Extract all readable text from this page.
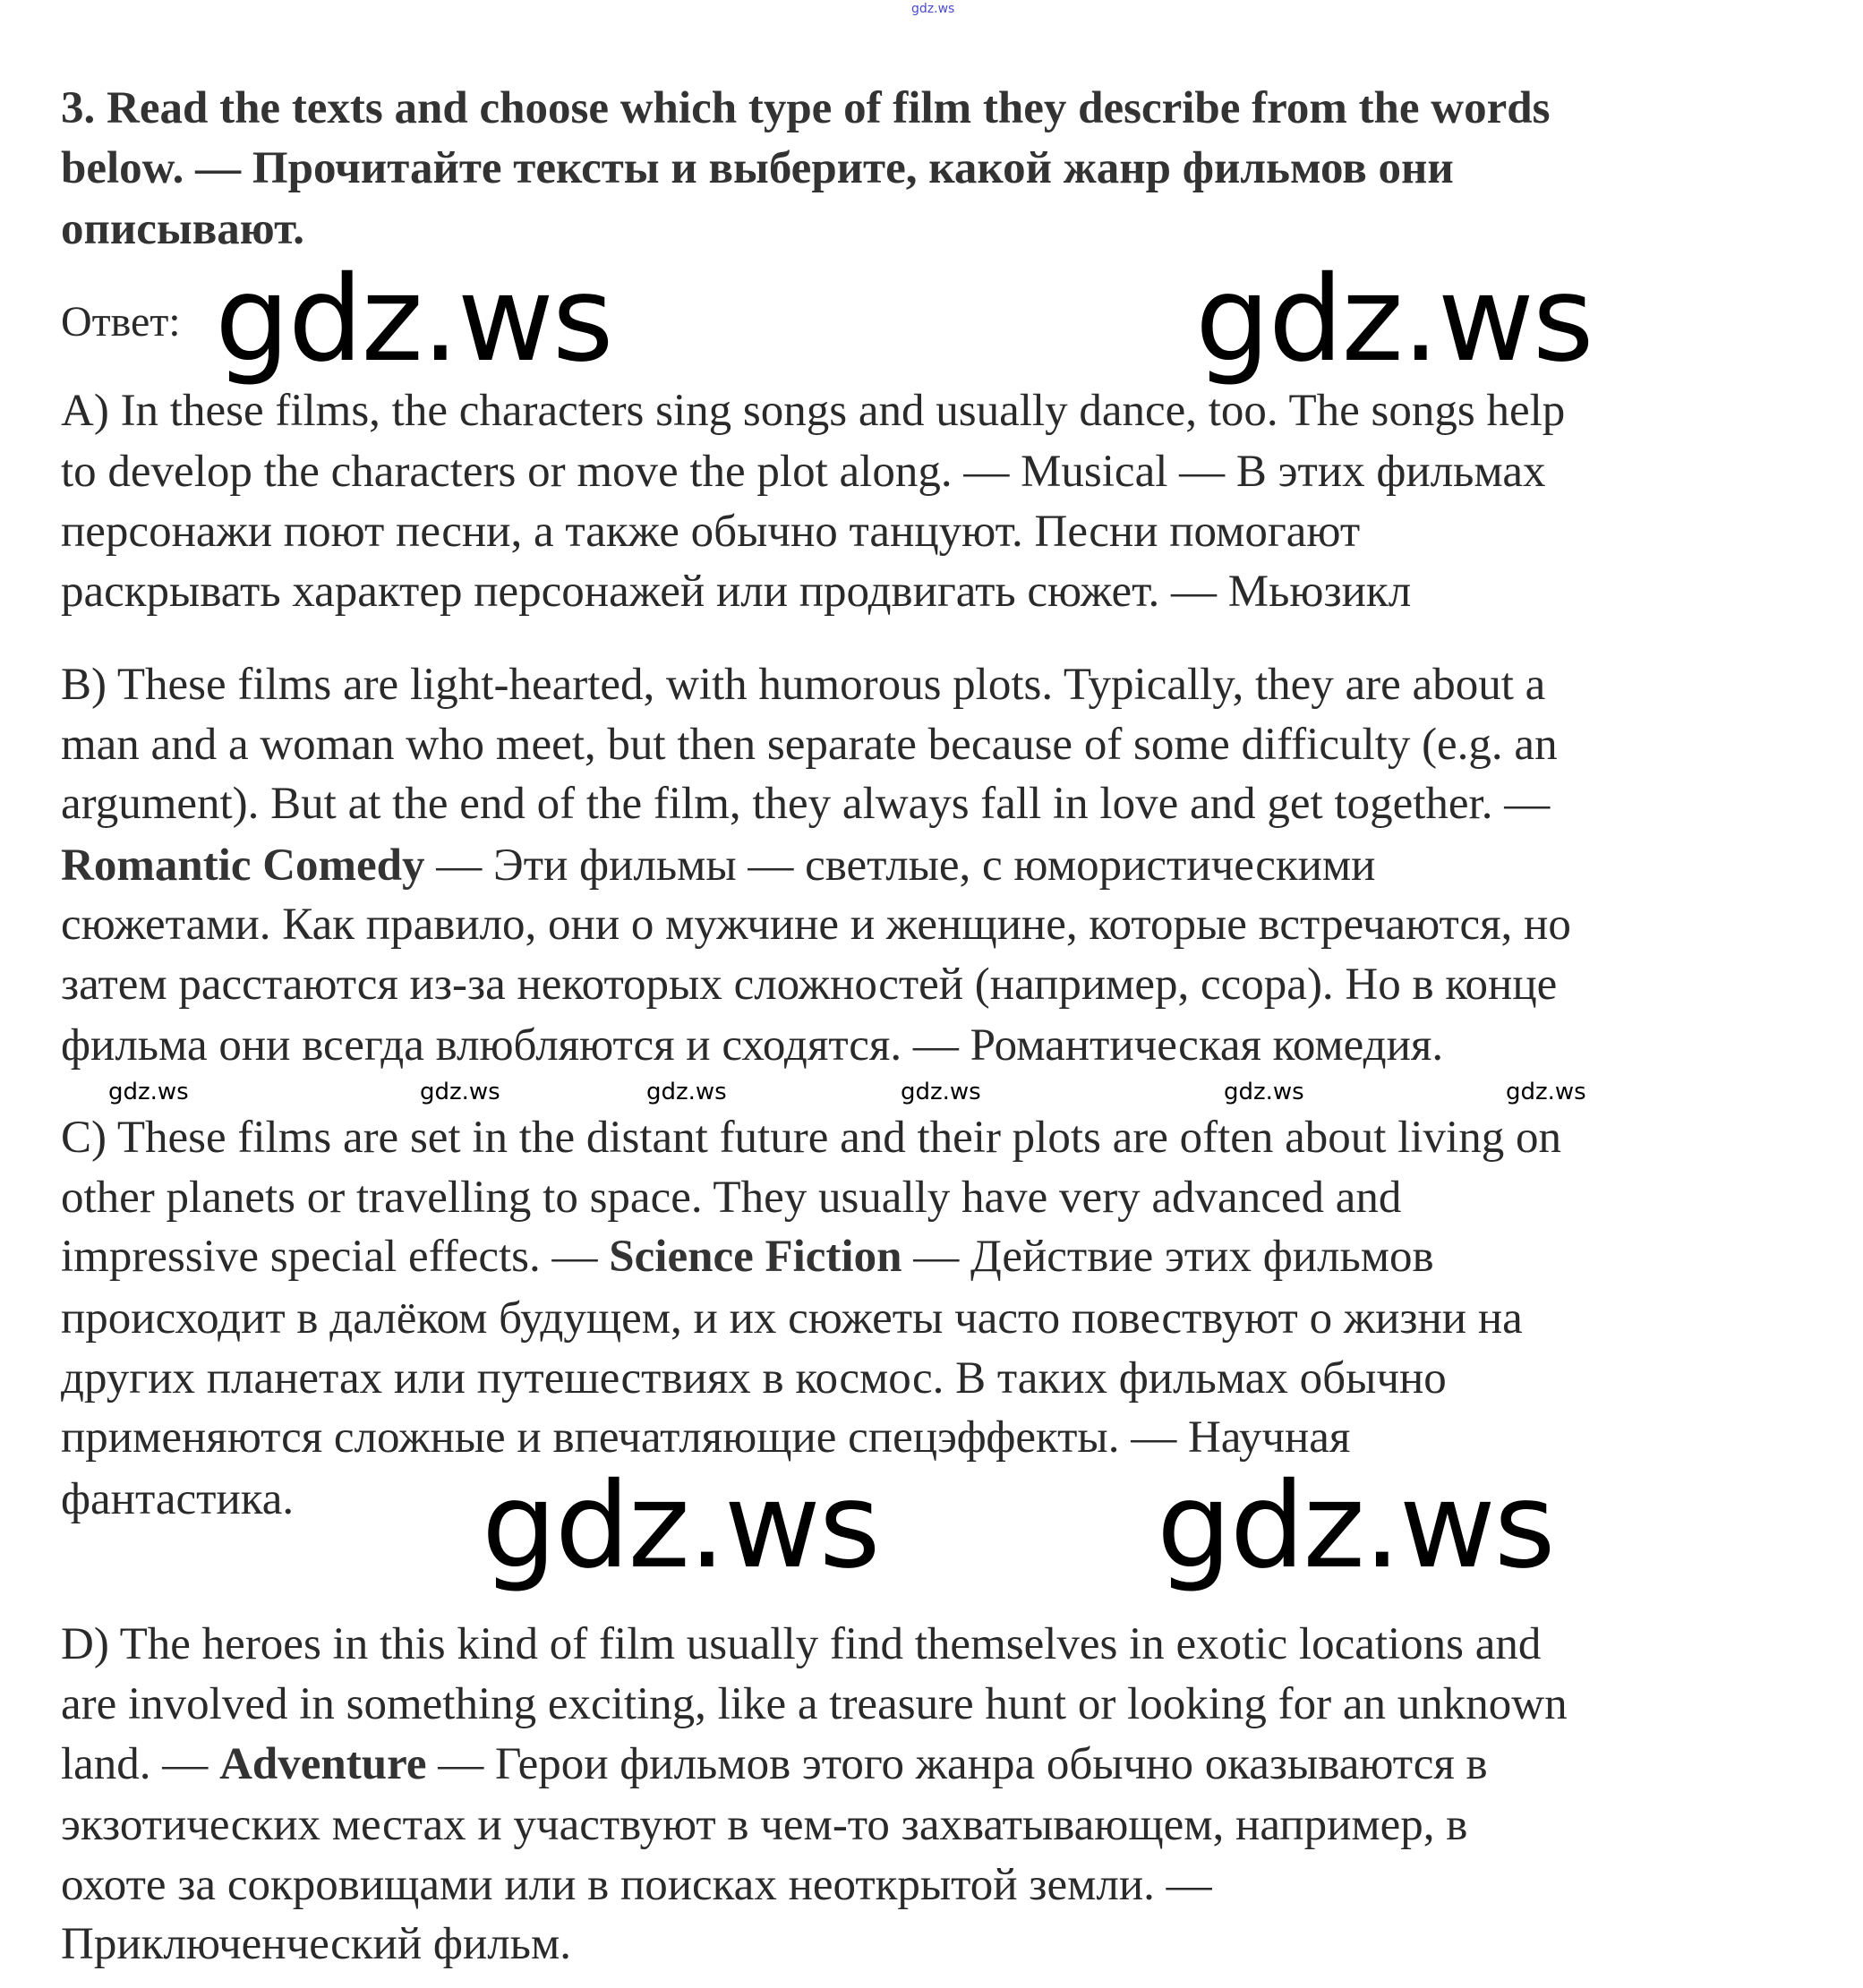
gdz.ws
3. Read the texts and choose which type of film they describe from the words
below. — Прочитайте тексты и выберите, какой жанр фильмов они
описывают.
Ответ: gdz.ws	gdz.ws
gdz.ws gdz.ws
gdz.ws	gdz.ws	gdz.ws	gdz.ws	gdz.ws	gdz.ws
A) In these films, the characters sing songs and usually dance, too. The songs help
to develop the characters or move the plot along. — Musical — В этих фильмах
персонажи поют песни, а также обычно танцуют. Песни помогают
раскрывать характер персонажей или продвигать сюжет. — Мьюзикл
B) These films are light-hearted, with humorous plots. Typically, they are about a
man and a woman who meet, but then separate because of some difficulty (e.g. an
argument). But at the end of the film, they always fall in love and get together. —
Romantic Comedy — Эти фильмы — светлые, с юмористическими
сюжетами. Как правило, они о мужчине и женщине, которые встречаются, но
затем расстаются из-за некоторых сложностей (например, ссора). Но в конце
фильма они всегда влюбляются и сходятся. — Романтическая комедия.
C) These films are set in the distant future and their plots are often about living on
other planets or travelling to space. They usually have very advanced and
impressive special effects. — Science Fiction — Действие этих фильмов
происходит в далёком будущем, и их сюжеты часто повествуют о жизни на
других планетах или путешествиях в космос. В таких фильмах обычно
применяются сложные и впечатляющие спецэффекты. — Научная
фантастика.
D) The heroes in this kind of film usually find themselves in exotic locations and
are involved in something exciting, like a treasure hunt or looking for an unknown
land. — Adventure — Герои фильмов этого жанра обычно оказываются в
экзотических местах и участвуют в чем-то захватывающем, например, в
охоте за сокровищами или в поисках неоткрытой земли. —
Приключенческий фильм.
